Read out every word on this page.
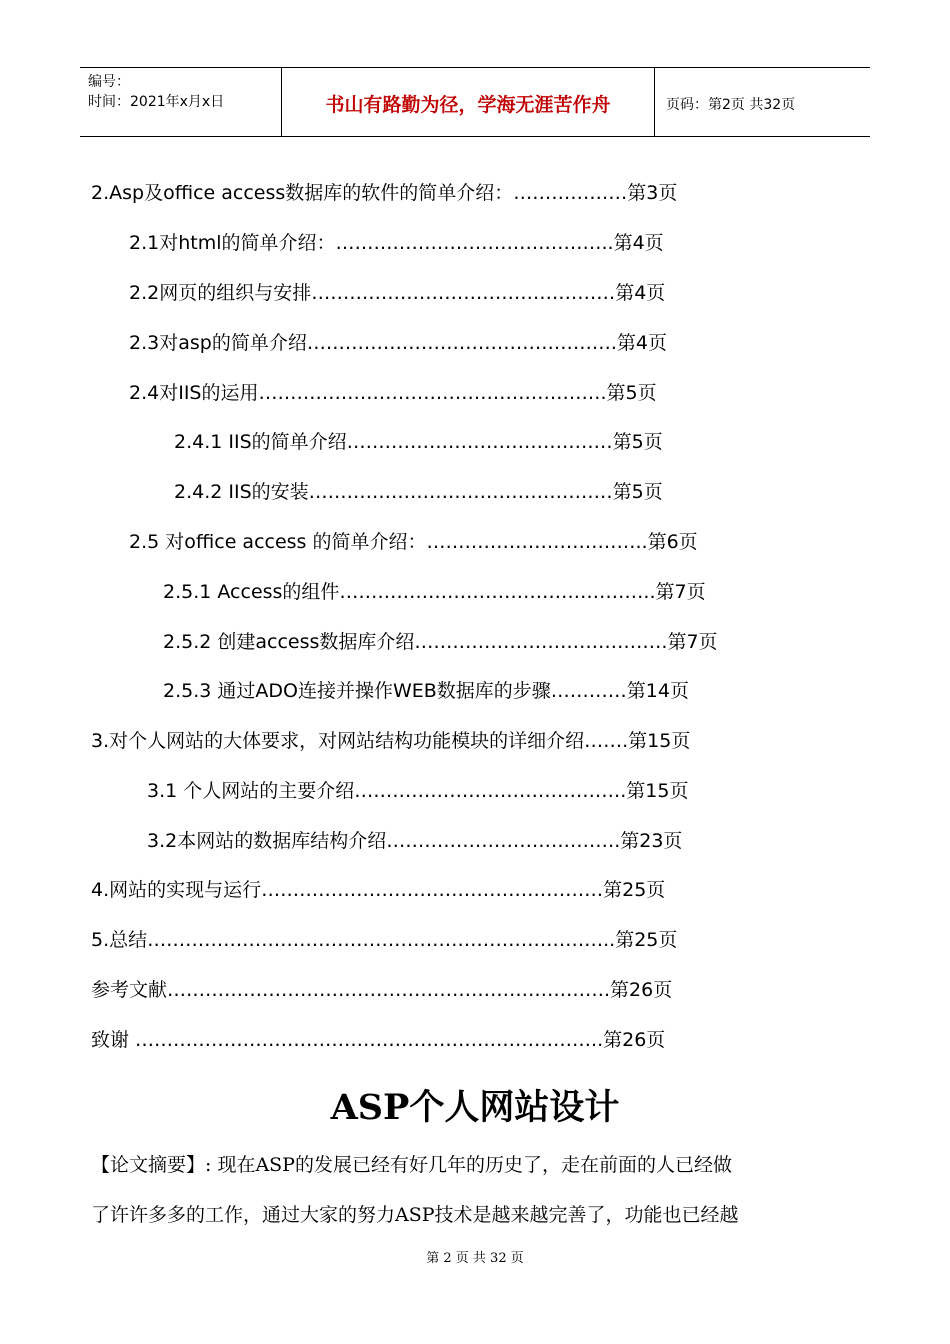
编号：
时间：2021年x月x日	书山有路勤为径，学海无涯苦作舟	页码：第2页 共32页
2.Asp及office access数据库的软件的简单介绍：………………第3页
2.1对html的简单介绍：……………………………………..第4页
2.2网页的组织与安排…………………………………………第4页
2.3对asp的简单介绍………………………………………….第4页
2.4对IIS的运用……………………………………………….第5页
2.4.1 IIS的简单介绍……………………………………第5页
2.4.2 IIS的安装…………………………………………第5页
2.5 对office access 的简单介绍：……………………………..第6页
2.5.1 Access的组件…………………………………………..第7页
2.5.2 创建access数据库介绍………………………………….第7页
2.5.3 通过ADO连接并操作WEB数据库的步骤…………第14页
3.对个人网站的大体要求，对网站结构功能模块的详细介绍…….第15页
3.1 个人网站的主要介绍…………………………………….第15页
3.2本网站的数据库结构介绍……………………………….第23页
4.网站的实现与运行………………………………………………第25页
5.总结………………………………………………………………..第25页
参考文献…………………………………………………………….第26页
致谢 ………………………………………………………………..第26页
ASP个人网站设计
【论文摘要】: 现在ASP的发展已经有好几年的历史了，走在前面的人已经做
了许许多多的工作，通过大家的努力ASP技术是越来越完善了，功能也已经越
第 2 页 共 32 页
